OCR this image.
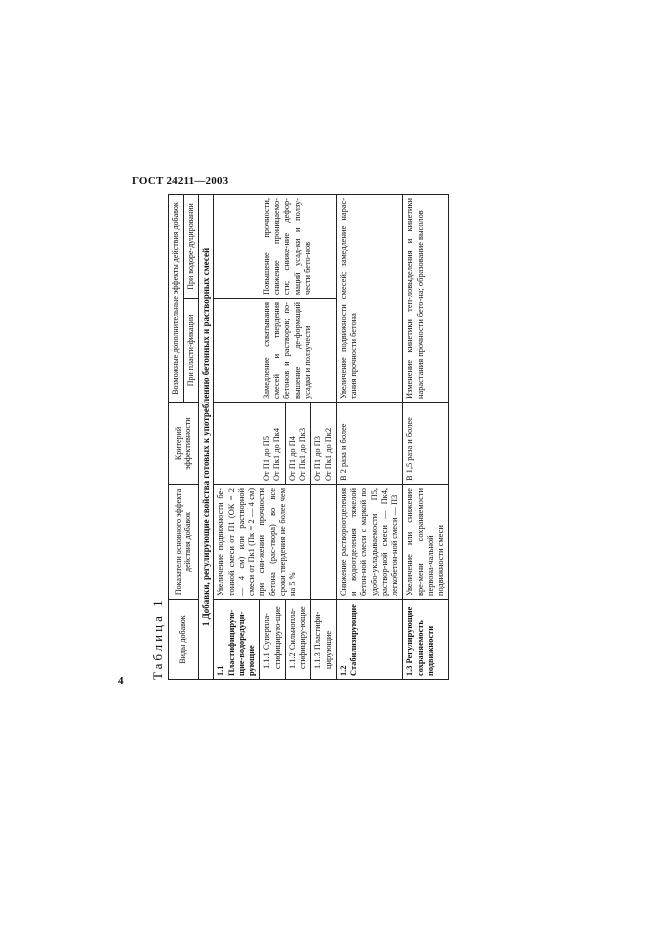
ГОСТ 24211—2003
4
Таблица 1 Виды добавок	Показатели основного эффекта действия добавок	Критерий эффективности	Возможные дополнительные эффекты действия добавок	
			При пласти-фикации	При водоре-дуцировании
1 Добавки, регулирующие свойства готовых к употреблению бетонных и растворных смесей				
1.1 Пластифицирую-щие-водоредуци-рующие	Увеличение подвижности бе-тонной смеси от П1 (ОК = 2 — 4 см) или растворной смеси от Пк1 (Пк = 2 — 4 см) при сни-жении прочности бетона (рас-твора) во все сроки твердения не более чем на 5 %			
1.1.1 Суперпла-стифицирую-щие		От П1 до П5 От Пк1 до Пк4	Замедление схватывания смесей и твердения бетонов и растворов; по-вышение де-формаций усадки и ползучести	Повышение прочности, снижение проницаемо-сти; сниже-ние дефор-маций усад-ки и ползу-чести бето-нов
1.1.2 Сильнопла-стифициру-ющие		От П1 до П4 От Пк1 до Пк3		

1.1.3 Пластифи-цирующие		От П1 до П3 От Пк1 до Пк2		

1.2 Стабилизирующие	Снижение раствороотделения и водоотделения тяжелой бетон-ной смеси с маркой по удобо-укладываемости П5, раствор-ной смеси — Пк4, легкобетон-ной смеси — П3	В 2 раза и более	Увеличение подвижности смесей; замедление нарас-тания прочности бетона	
1.3 Регулирующие сохраняемость подвижности	Увеличение или снижение вре-мени сохраняемости первона-чальной подвижности смеси	В 1,5 раза и более	Изменение кинетики теп-ловыделения и кинетики нарастания прочности бето-на; образование высолов	
